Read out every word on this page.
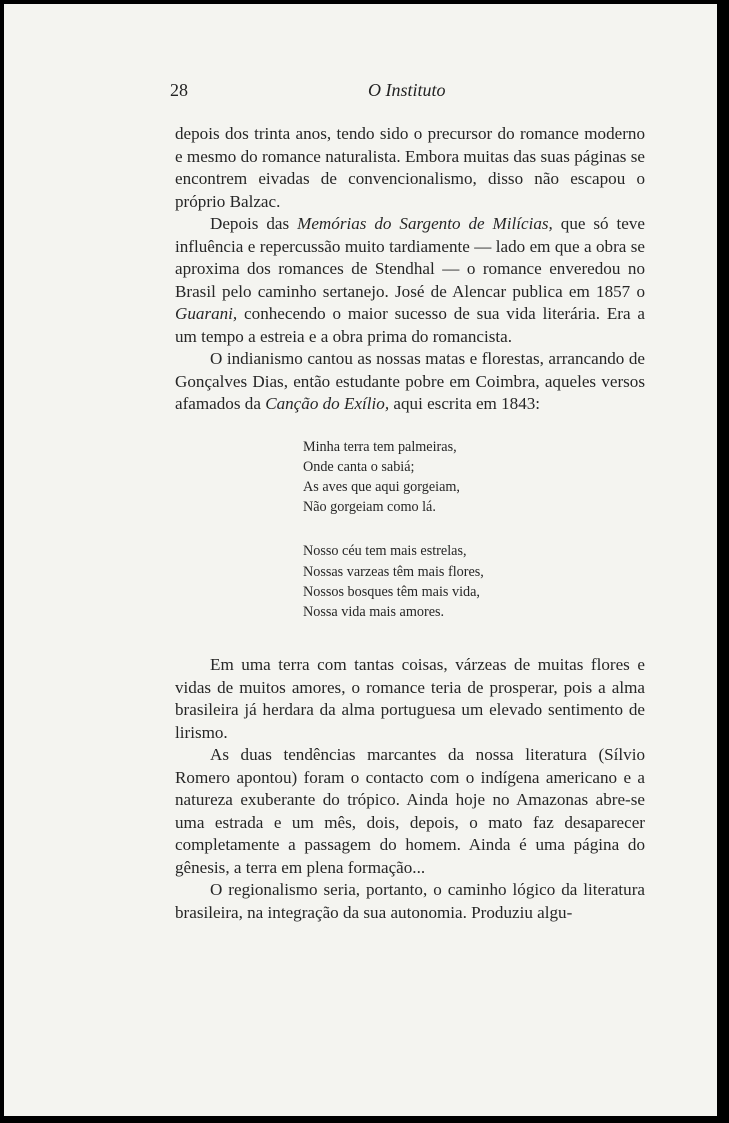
28	O Instituto

depois dos trinta anos, tendo sido o precursor do romance moderno e mesmo do romance naturalista. Embora muitas das suas páginas se encontrem eivadas de convencionalismo, disso não escapou o próprio Balzac.

Depois das Memórias do Sargento de Milícias, que só teve influência e repercussão muito tardiamente — lado em que a obra se aproxima dos romances de Stendhal — o romance enveredou no Brasil pelo caminho sertanejo. José de Alencar publica em 1857 o Guarani, conhecendo o maior sucesso de sua vida literária. Era a um tempo a estreia e a obra prima do romancista.

O indianismo cantou as nossas matas e florestas, arrancando de Gonçalves Dias, então estudante pobre em Coimbra, aqueles versos afamados da Canção do Exílio, aqui escrita em 1843:

Minha terra tem palmeiras,
Onde canta o sabiá;
As aves que aqui gorgeiam,
Não gorgeiam como lá.
Nosso céu tem mais estrelas,
Nossas varzeas têm mais flores,
Nossos bosques têm mais vida,
Nossa vida mais amores.

Em uma terra com tantas coisas, várzeas de muitas flores e vidas de muitos amores, o romance teria de prosperar, pois a alma brasileira já herdara da alma portuguesa um elevado sentimento de lirismo.

As duas tendências marcantes da nossa literatura (Sílvio Romero apontou) foram o contacto com o indígena americano e a natureza exuberante do trópico. Ainda hoje no Amazonas abre-se uma estrada e um mês, dois, depois, o mato faz desaparecer completamente a passagem do homem. Ainda é uma página do gênesis, a terra em plena formação...

O regionalismo seria, portanto, o caminho lógico da literatura brasileira, na integração da sua autonomia. Produziu algu-
